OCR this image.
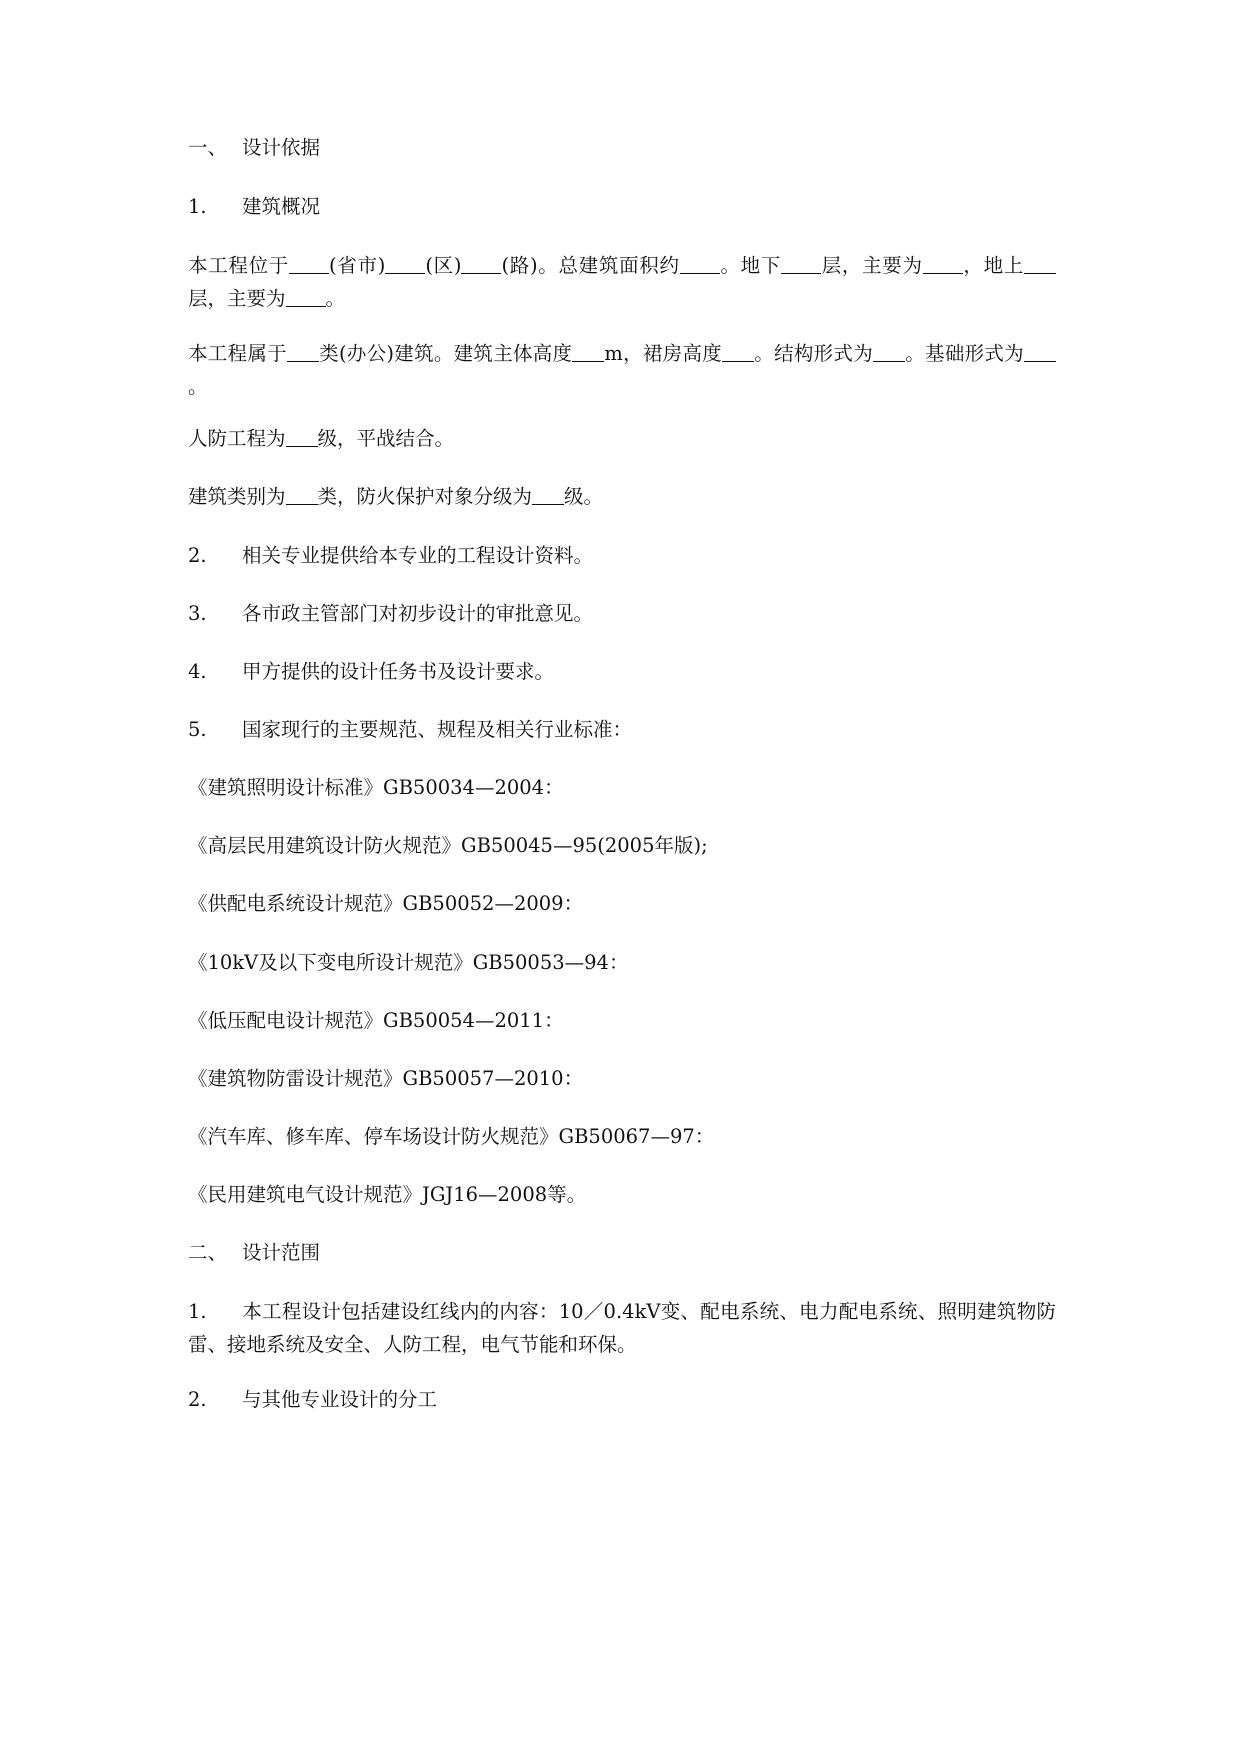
一、 设计依据

1. 建筑概况

本工程位于 (省市) (区) (路)。总建筑面积约 。地下 层，主要为 ，地上层，主要为 。

本工程属于 类(办公)建筑。建筑主体高度 m，裙房高度 。结构形式为 。基础形式为。

人防工程为 级，平战结合。

建筑类别为 类，防火保护对象分级为 级。

2. 相关专业提供给本专业的工程设计资料。

3. 各市政主管部门对初步设计的审批意见。

4. 甲方提供的设计任务书及设计要求。

5. 国家现行的主要规范、规程及相关行业标准：

《建筑照明设计标准》GB50034—2004：

《高层民用建筑设计防火规范》GB50045—95(2005年版);

《供配电系统设计规范》GB50052—2009：

《10kV及以下变电所设计规范》GB50053—94：

《低压配电设计规范》GB50054—2011：

《建筑物防雷设计规范》GB50057—2010：

《汽车库、修车库、停车场设计防火规范》GB50067—97：

《民用建筑电气设计规范》JGJ16—2008等。

二、 设计范围

1. 本工程设计包括建设红线内的内容：10／0.4kV变、配电系统、电力配电系统、照明建筑物防雷、接地系统及安全、人防工程，电气节能和环保。

2. 与其他专业设计的分工
